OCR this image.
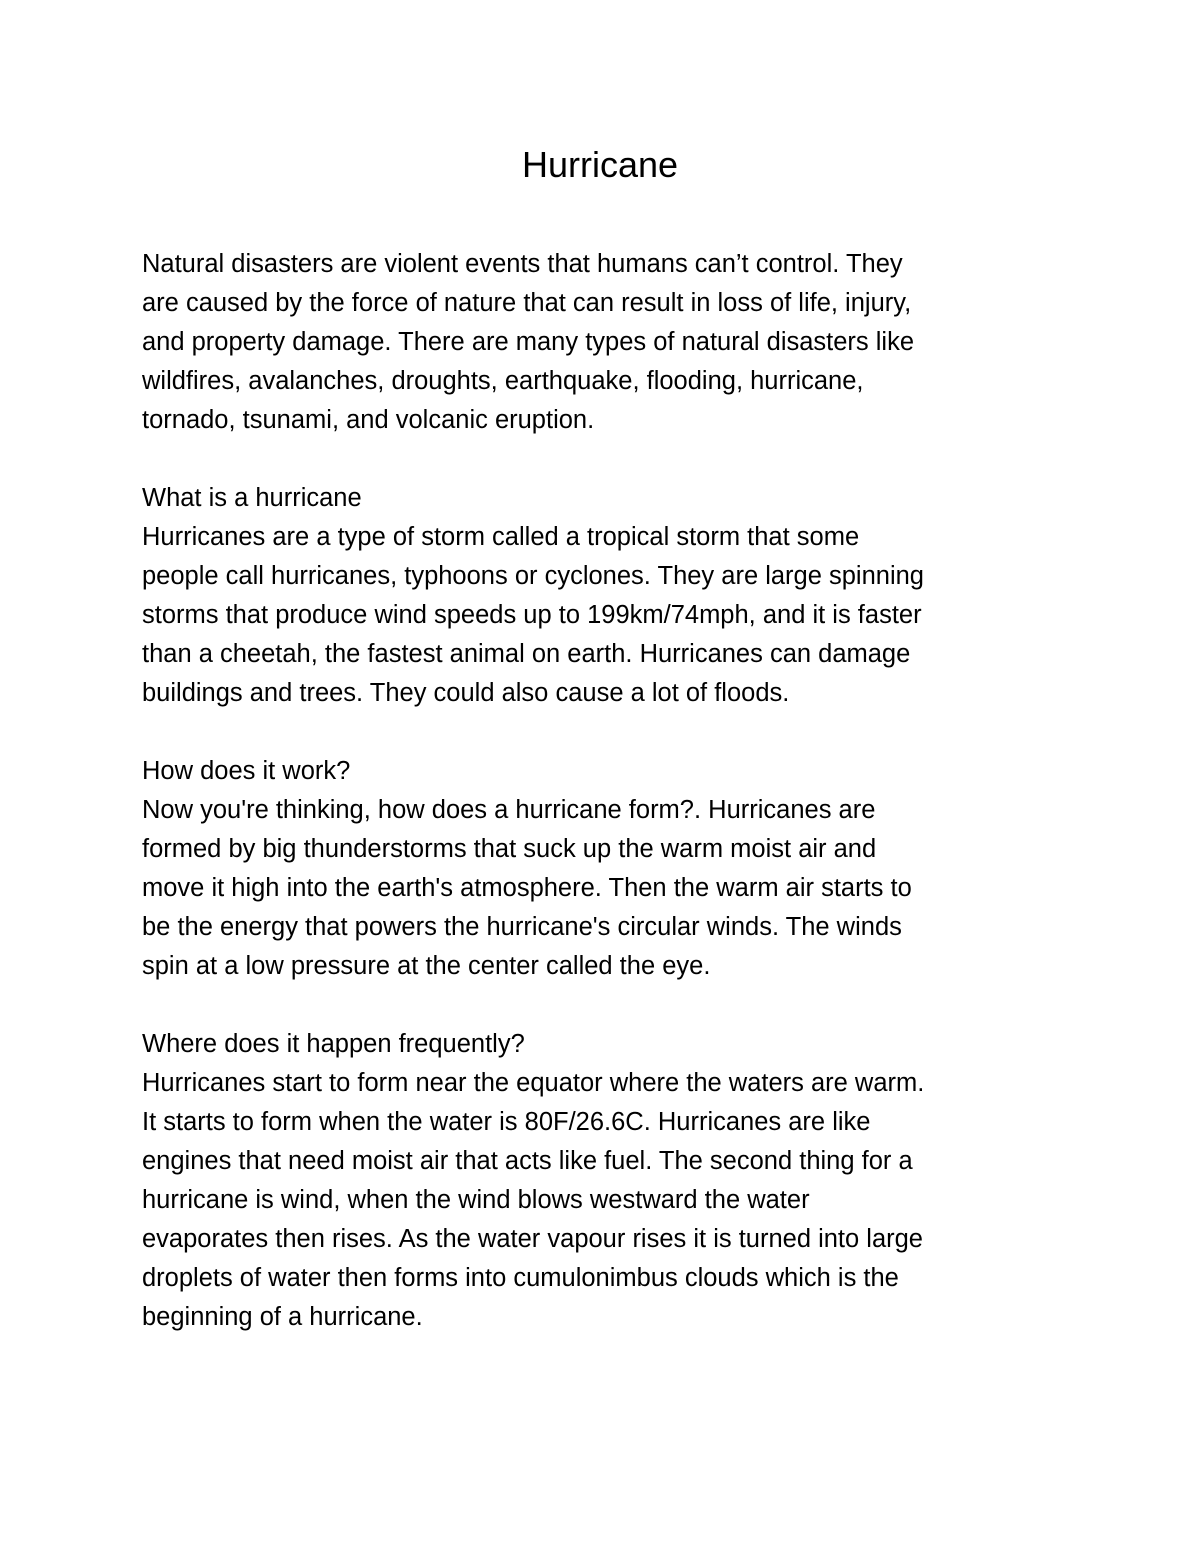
Hurricane
Natural disasters are violent events that humans can’t control. They
are caused by the force of nature that can result in loss of life, injury,
and property damage. There are many types of natural disasters like
wildfires, avalanches, droughts, earthquake, flooding, hurricane,
tornado, tsunami, and volcanic eruption.
What is a hurricane
Hurricanes are a type of storm called a tropical storm that some
people call hurricanes, typhoons or cyclones. They are large spinning
storms that produce wind speeds up to 199km/74mph, and it is faster
than a cheetah, the fastest animal on earth. Hurricanes can damage
buildings and trees. They could also cause a lot of floods.
How does it work?
Now you're thinking, how does a hurricane form?. Hurricanes are
formed by big thunderstorms that suck up the warm moist air and
move it high into the earth's atmosphere. Then the warm air starts to
be the energy that powers the hurricane's circular winds. The winds
spin at a low pressure at the center called the eye.
Where does it happen frequently?
Hurricanes start to form near the equator where the waters are warm.
It starts to form when the water is 80F/26.6C. Hurricanes are like
engines that need moist air that acts like fuel. The second thing for a
hurricane is wind, when the wind blows westward the water
evaporates then rises. As the water vapour rises it is turned into large
droplets of water then forms into cumulonimbus clouds which is the
beginning of a hurricane.
